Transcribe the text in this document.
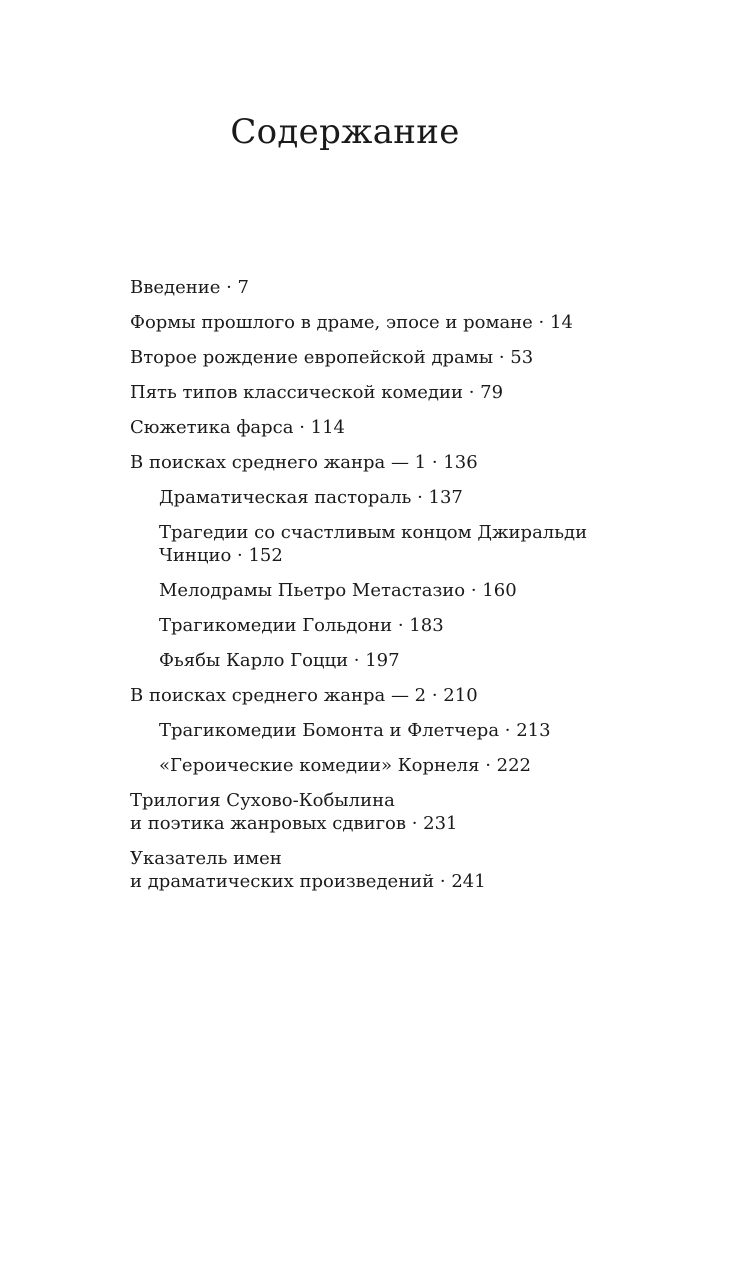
Содержание
Введение · 7
Формы прошлого в драме, эпосе и романе · 14
Второе рождение европейской драмы · 53
Пять типов классической комедии · 79
Сюжетика фарса · 114
В поисках среднего жанра — 1 · 136
Драматическая пастораль · 137
Трагедии со счастливым концом Джиральди
Чинцио · 152
Мелодрамы Пьетро Метастазио · 160
Трагикомедии Гольдони · 183
Фьябы Карло Гоцци · 197
В поисках среднего жанра — 2 · 210
Трагикомедии Бомонта и Флетчера · 213
«Героические комедии» Корнеля · 222
Трилогия Сухово-Кобылина
и поэтика жанровых сдвигов · 231
Указатель имен
и драматических произведений · 241
